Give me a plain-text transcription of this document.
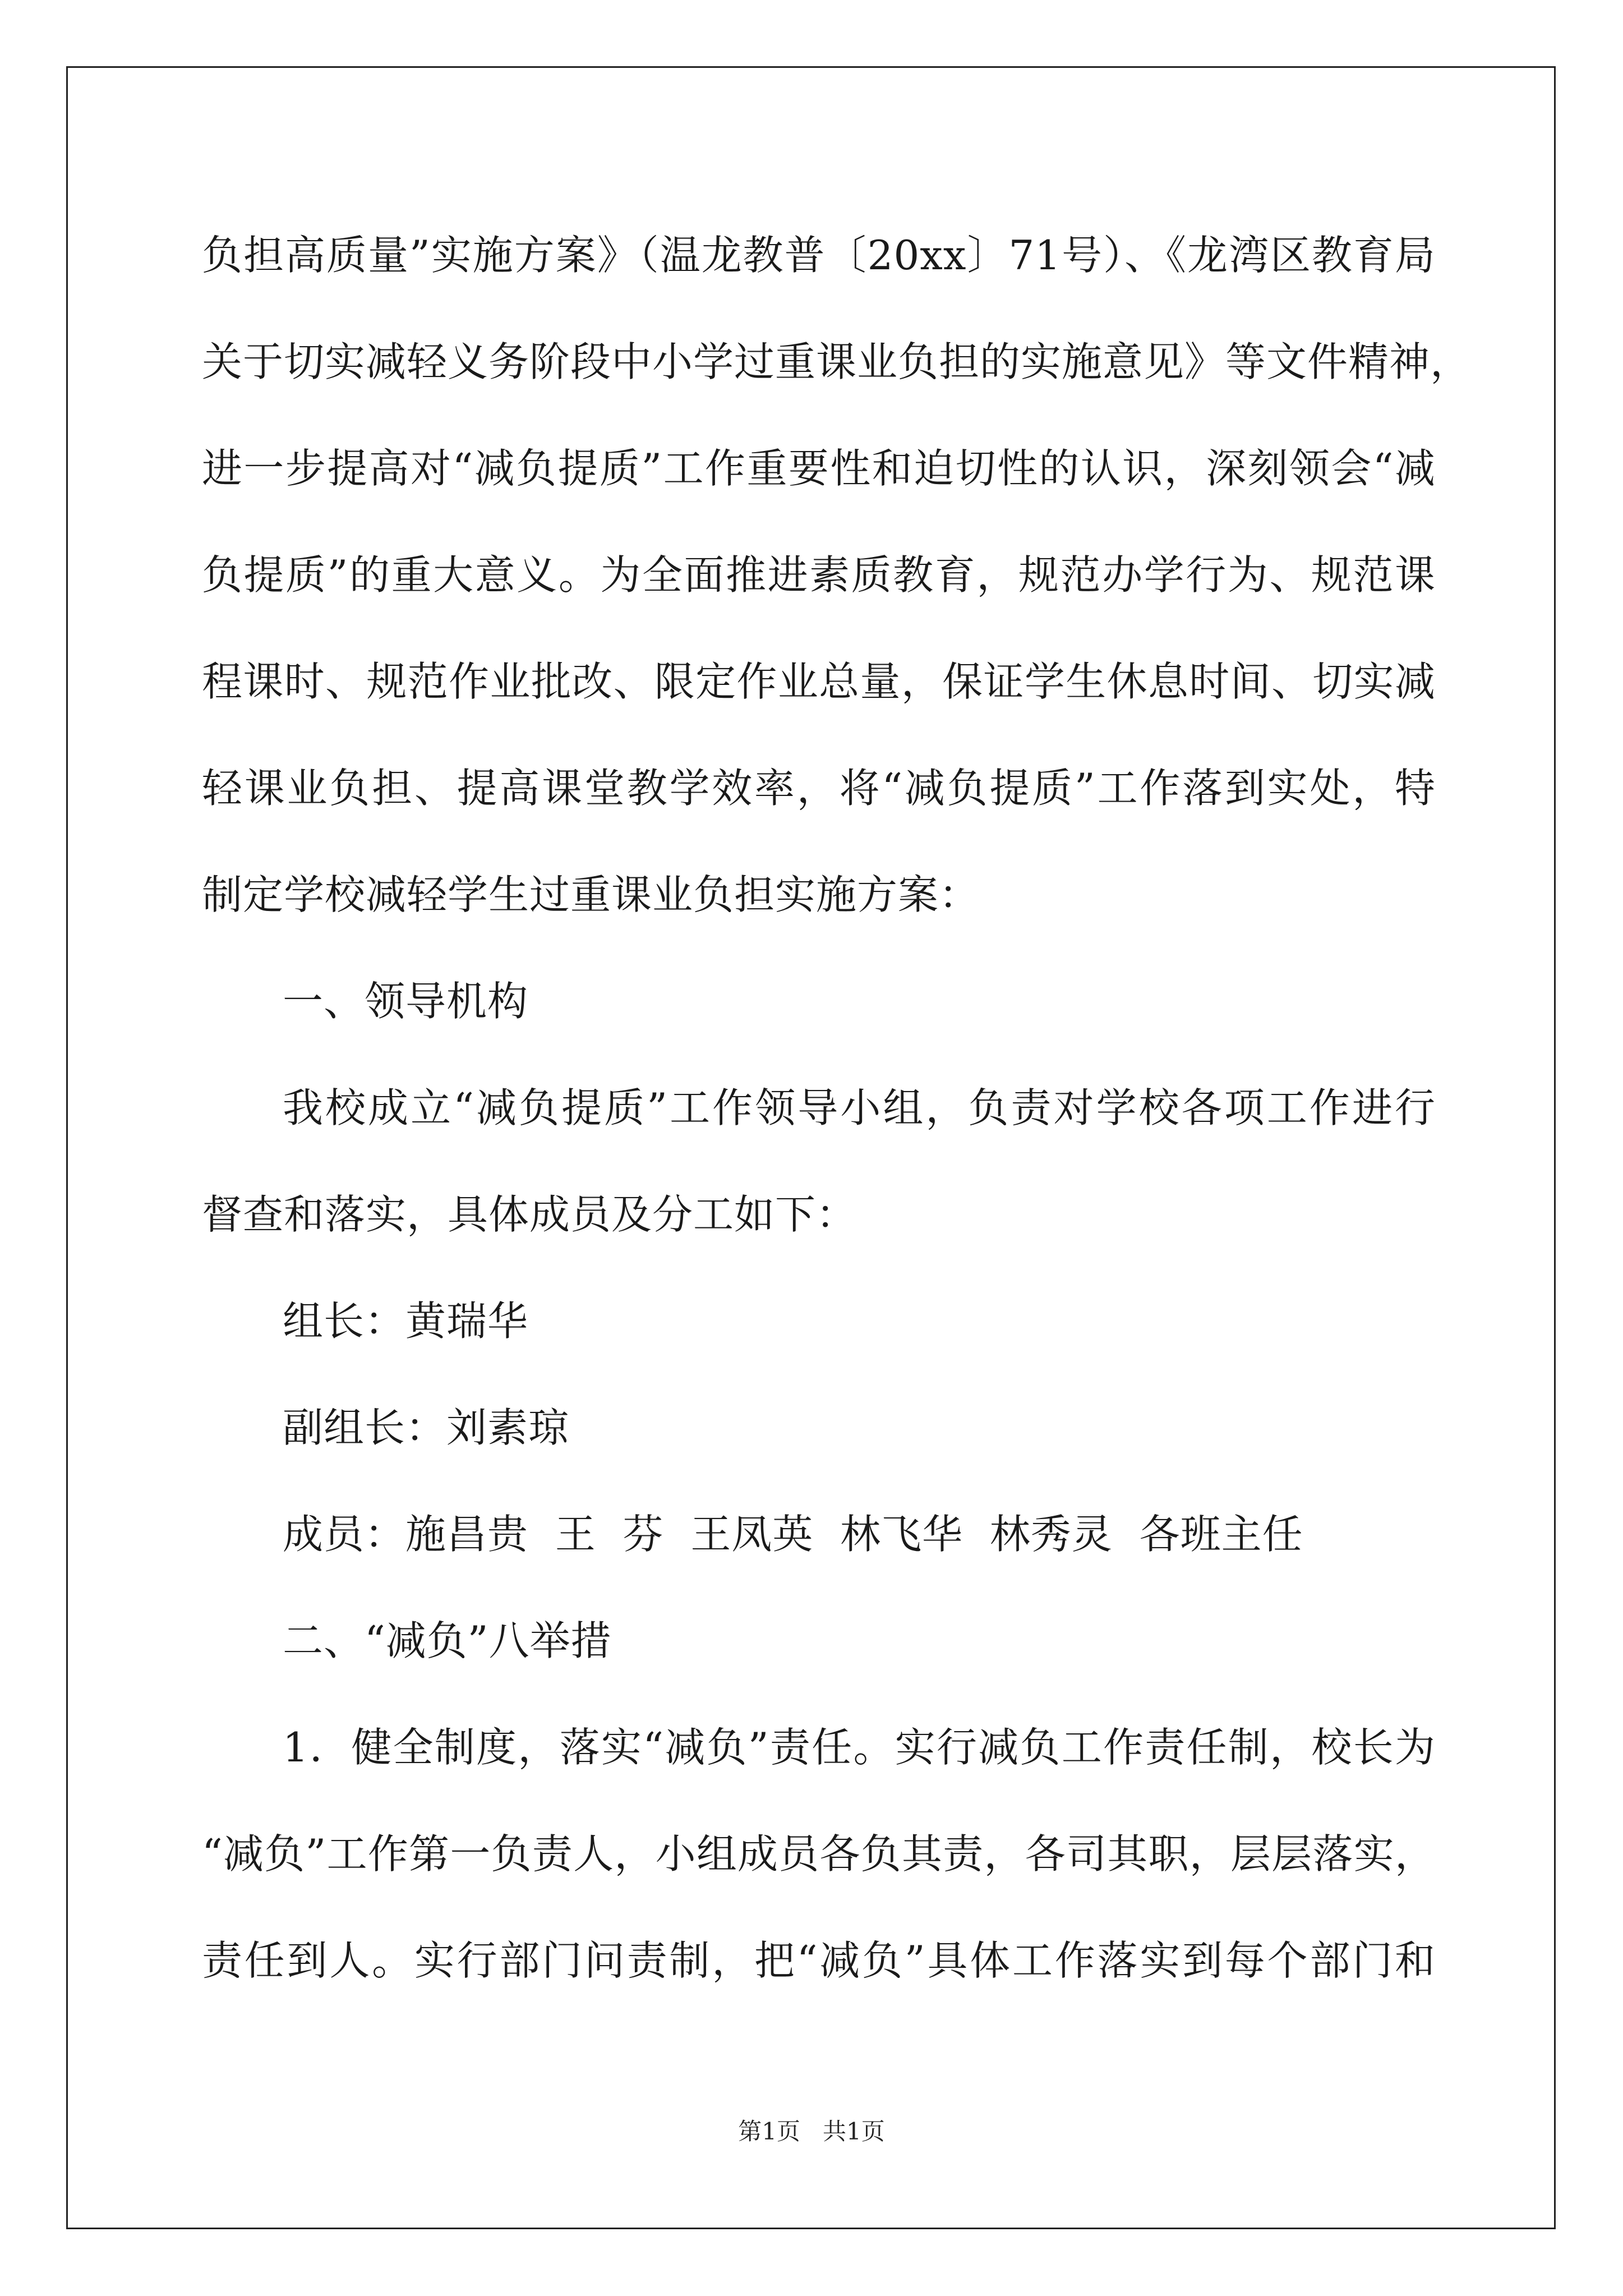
负担高质量”实施方案》（温龙教普〔20xx〕71号）、《龙湾区教育局
关于切实减轻义务阶段中小学过重课业负担的实施意见》等文件精神，
进一步提高对“减负提质”工作重要性和迫切性的认识，深刻领会“减
负提质”的重大意义。为全面推进素质教育，规范办学行为、规范课
程课时、规范作业批改、限定作业总量，保证学生休息时间、切实减
轻课业负担、提高课堂教学效率，将“减负提质”工作落到实处，特
制定学校减轻学生过重课业负担实施方案：
一、领导机构
我校成立“减负提质”工作领导小组，负责对学校各项工作进行
督查和落实，具体成员及分工如下：
组长：黄瑞华
副组长：刘素琼
成员：施昌贵  王  芬  王凤英  林飞华  林秀灵  各班主任
二、“减负”八举措
1．健全制度，落实“减负”责任。实行减负工作责任制，校长为
“减负”工作第一负责人，小组成员各负其责，各司其职，层层落实，
责任到人。实行部门问责制，把“减负”具体工作落实到每个部门和
第1页   共1页
